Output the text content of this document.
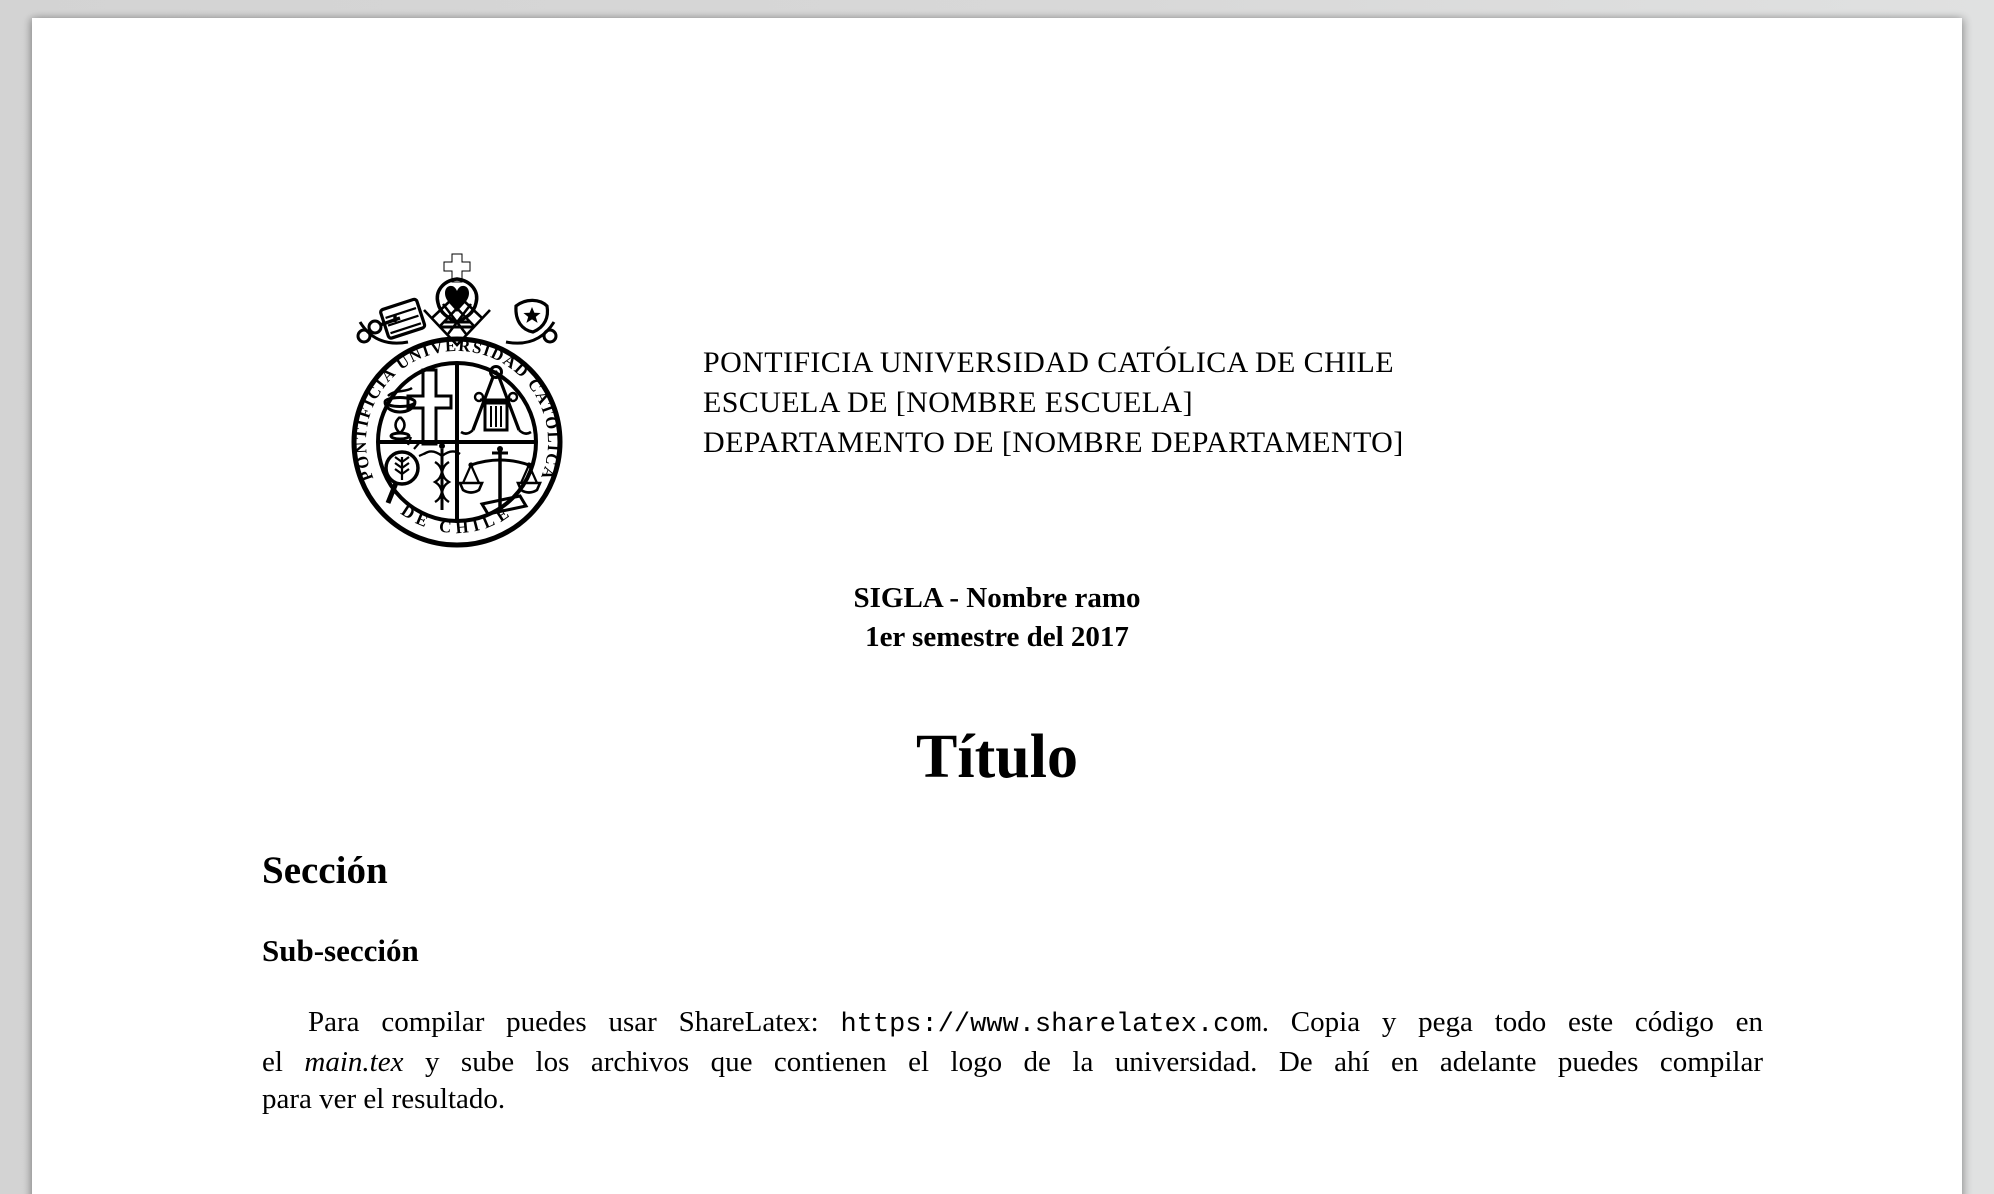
PONTIFICIA UNIVERSIDAD CATÓLICA
DE CHILE
PONTIFICIA UNIVERSIDAD CATÓLICA DE CHILE
ESCUELA DE [NOMBRE ESCUELA]
DEPARTAMENTO DE [NOMBRE DEPARTAMENTO]
SIGLA - Nombre ramo
1er semestre del 2017
Título
Sección
Sub-sección
Para compilar puedes usar ShareLatex: https://www.sharelatex.com. Copia y pega todo este código en
el main.tex y sube los archivos que contienen el logo de la universidad. De ahí en adelante puedes compilar
para ver el resultado.
